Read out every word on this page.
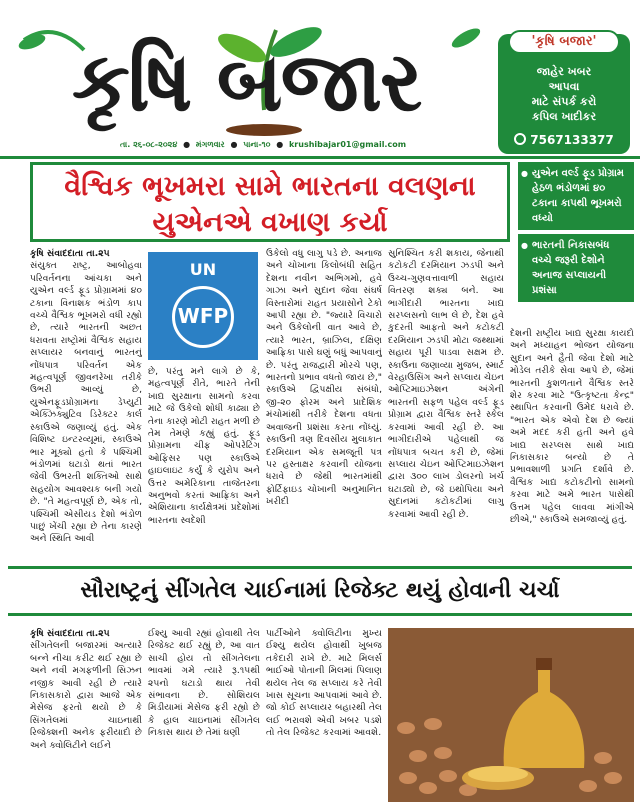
કૃષિ બજાર
તા. ૨૬-૦૮-૨૦૨૪ ● મંગળવાર ● પાના-૧૦ ● krushibajar01@gmail.com
'કૃષિ બજાર'
જાહેર ખબર
આપવા
માટે સંપર્ક કરો
કપિલ ખાદીકર
7567133377
વૈશ્વિક ભૂખમરા સામે ભારતના વલણના યુએનએ વખાણ કર્યા
● યુએન વર્લ્ડ ફૂડ પ્રોગ્રામ હેઠળ ભંડોળમાં ૪૦ ટકાના કાપથી ભૂખમરો વધ્યો
● ભારતની નિકાસબંધ વચ્ચે જરૂરી દેશોને અનાજ સપ્લાયની પ્રશંસા
કૃષિ સંવાદદાતા તા.૨૫
સંયુક્ત રાષ્ટ્ર, આબોહવા પરિવર્તનના આંચકા અને યુએન વર્લ્ડ ફૂડ પ્રોગ્રામમાં ૪૦ ટકાના વિનાશક ભંડોળ કાપ વચ્ચે વૈશ્વિક ભૂખમરો વધી રહ્યો છે, ત્યારે ભારતની અછત ધરાવતા રાષ્ટ્રોમાં વૈશ્વિક સહાય સપ્લાયર બનવાનું ભારતનું નોંધપાત્ર પરિવર્તન એક મહત્વપૂર્ણ જીવનરેખા તરીકે ઉભરી આવ્યું છે, યુએનફૂડપ્રોગ્રામના ડેપ્યુટી એક્ઝિક્યુટિવ ડિરેક્ટર કાર્લ સ્કાઉએ જણાવ્યું હતું. એક વિશિષ્ટ ઇન્ટરવ્યૂમાં, સ્કાઉએ ભાર મૂક્યો હતો કે પશ્ચિમી ભંડોળમાં ઘટાડો થતાં ભારત જેવી ઉભરતી શક્તિઓ સાથે સહયોગ આવશ્યક બની ગયો છે. "તે મહત્વપૂર્ણ છે, એક તો, પશ્ચિમી એસીયડ દેશો ભંડોળ પાછું ખેંચી રહ્યા છે તેના કારણે અને સ્થિતિ આવી
UN
WFP
છે, પરંતુ મને લાગે છે કે, મહત્વપૂર્ણ રીતે, ભારતે તેની ખાદ્ય સુરક્ષાના સામનો કરવા માટે જે ઉકેલો શોધી કાઢ્યા છે તેના કારણે મોટી રાહત મળી છે તેમ તેમણે કહ્યું હતું. ફૂડ પ્રોગ્રામના ચીફ ઓપરેટિંગ ઓફિસર પણ સ્કાઉએ હાઇલાઇટ કર્યું કે યુરોપ અને ઉત્તર અમેરિકાના તાજેતરના અનુભવો કરતાં આફ્રિકા અને એશિયાના કાર્યક્ષેત્રમાં પ્રદેશોમાં ભારતના સ્વદેશી
ઉકેલો વધુ લાગુ પડે છે. અનાજ અને ચોખાના કિલોબંધી સહિત દેશના નવીન અભિગમો, હવે ગાઝા અને સુદાન જેવા સંઘર્ષ વિસ્તારોમાં રાહત પ્રયાસોને ટેકો આપી રહ્યા છે. "જ્યારે વિચારો અને ઉકેલોની વાત આવે છે, ત્યારે ભારત, બ્રાઝિલ, દક્ષિણ આફ્રિકા પાસે ઘણું બધું આપવાનું છે. પરંતુ રાજદ્વારી મોરચે પણ, ભારતનો પ્રભાવ વધતો જાય છે," સ્કાઉએ દ્વિપક્ષીય સંબંધો, જી-૨૦ ફોરમ અને પ્રાદેશિક મંચોમાંથી તરીકે દેશના વધતા અવાજની પ્રશંસા કરતા નોંધ્યું. સ્કાઉની ત્રણ દિવસીય મુલાકાત દરમિયાન એક સમજૂતી પત્ર પર હસ્તાક્ષર કરવાની યોજના ધરાવે છે જેથી ભારતમાંથી ફોર્ટિફાઇડ ચોખાની અનુમાનિત ખરીદી
સુનિશ્ચિત કરી શકાય, જેનાથી કટોકટી દરમિયાન ઝડપી અને ઉચ્ચ-ગુણવત્તાવાળી સહાય વિતરણ શક્ય બને. આ ભાગીદારી ભારતના ખાદ્ય સરપ્લસનો લાભ લે છે, દેશ હવે કુદરતી આફતો અને કટોકટી દરમિયાન ઝડપી મોટા જથ્થામાં સહાય પૂરી પાડવા સક્ષમ છે. સ્કાઉના જણાવ્યા મુજબ, સ્માર્ટ વેરહાઉસિંગ અને સપ્લાય ચેઇન ઓપ્ટિમાઇઝેશન અંગેની ભારતની સફળ પહેલ વર્લ્ડ ફૂડ પ્રોગ્રામ દ્વારા વૈશ્વિક સ્તરે સ્કેલ કરવામાં આવી રહી છે. આ ભાગીદારીએ પહેલાથી જ નોંધપાત્ર બચત કરી છે, જેમાં સપ્લાય ચેઇન ઓપ્ટિમાઇઝેશન દ્વારા ૩૦૦ લાખ ડોલરનો ખર્ચ ઘટાડ્યો છે, જે ઇથોપિયા અને સુદાનમાં કટોકટીમાં લાગુ કરવામાં આવી રહી છે.
દેશની રાષ્ટ્રીય ખાદ્ય સુરક્ષા કાયદો અને મધ્યાહન ભોજન યોજના સુદાન અને હૈતી જેવા દેશો માટે મોડેલ તરીકે સેવા આપે છે, જેમાં ભારતની કુશળતાને વૈશ્વિક સ્તરે શેર કરવા માટે "ઉત્કૃષ્ટતા કેન્દ્ર" સ્થાપિત કરવાની ઉમેદ ધરાવે છે. "ભારત એક એવો દેશ છે જ્યાં અમે મદદ કરી હતી અને હવે ખાદ્ય સરપ્લસ સાથે ખાદ્ય નિકાસકાર બન્યો છે તે પ્રભાવશાળી પ્રગતિ દર્શાવે છે. વૈશ્વિક ખાદ્ય કટોકટીનો સામનો કરવા માટે અમે ભારત પાસેથી ઉત્તમ પહેલ લાવવા માંગીએ છીએ," સ્કાઉએ સમજાવ્યું હતું.
સૌરાષ્ટ્રનું સીંગતેલ ચાઈનામાં રિજેક્ટ થયું હોવાની ચર્ચા
કૃષિ સંવાદદાતા તા.૨૫
સીંગતેલની બજારમાં અત્યારે બન્ને નીચા કરીટ થઈ રહ્યા છે અને નવી મગફળીની સિઝન નજીક આવી રહી છે ત્યારે નિકાસકારો દ્વારા આજે એક મેસેજ ફરતો થયો છે કે સિંગતેલમાં ચાઇનાથી રિજેક્શની અનેક ફરીયાદો છે અને ક્વોલિટીને લઈને
ઈશ્યુ આવી રહ્યાં હોવાથી તેલ રિજેક્ટ થઈ રહ્યું છે, આ વાત સાચી હોય તો સીંગતેલના ભાવમાં ગમે ત્યારે રૂ.૧૫થી ૨૫નો ઘટાડો થાય તેવી સંભાવના છે. સોશિયલ મિડીયામાં મેસેજ ફરી રહ્યો છે કે હાલ ચાઇનામાં સીંગતેલ નિકાસ થાય છે તેમાં ઘણી
પાર્ટીઓને ક્વોલિટીના મુખ્ય ઈશ્યુ થયેલ હોવાથી ખુબજ તકેદારી રાખે છે. માટે મિલર્સ ભાઈઓ પોતાની મિલમાં પિલાણ થયેલ તેલ જ સપ્લાય કરે તેવી ખાસ સૂચના આપવામાં આવે છે. જો કોઈ સપ્લાયર બહારથી તેલ લઈ ભરાવશે એવી ખબર પડશે તો તેલ રિજેક્ટ કરવામાં આવશે.
